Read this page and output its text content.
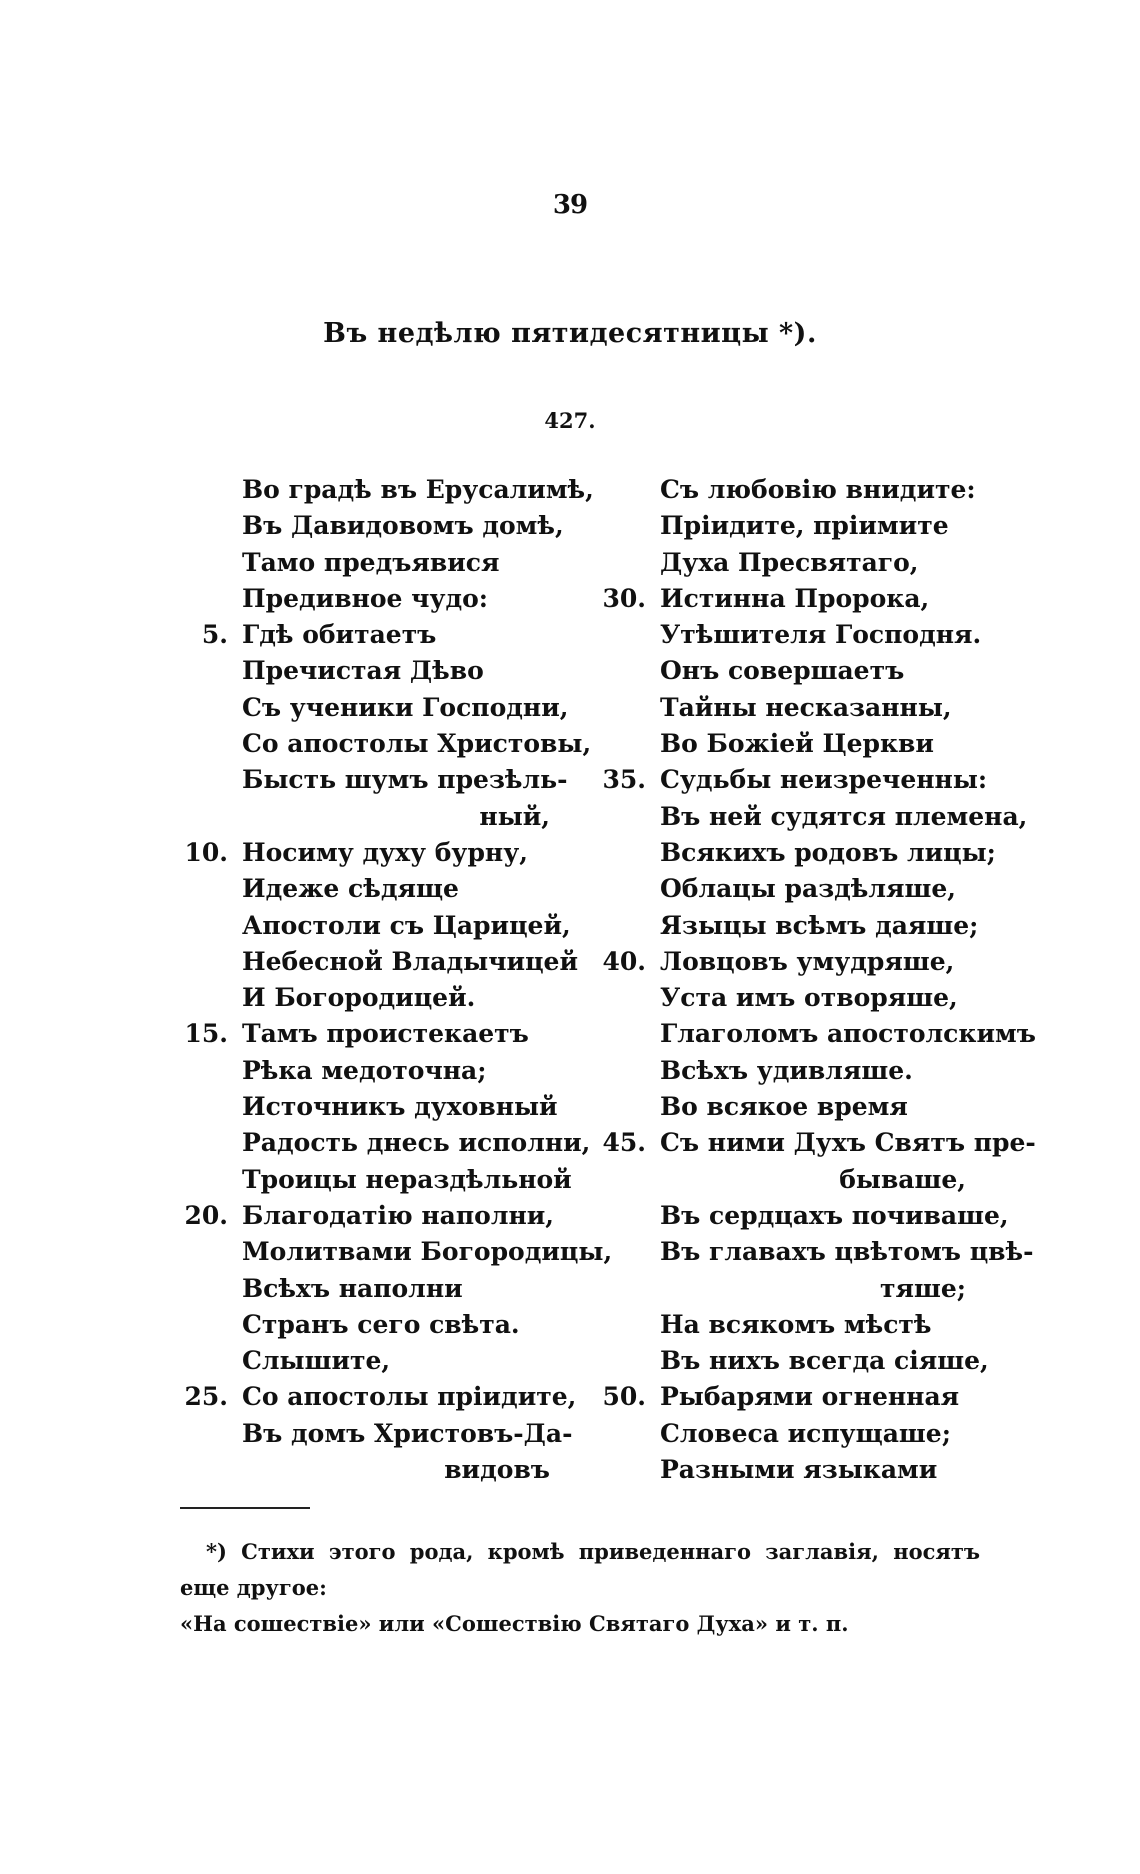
39
Въ недѣлю пятидесятницы *).
427.
Во градѣ въ Ерусалимѣ,
Въ Давидовомъ домѣ,
Тамо предъявися
Предивное чудо:
5. Гдѣ обитаетъ
Пречистая Дѣво
Съ ученики Господни,
Со апостолы Христовы,
Бысть шумъ презѣль-
ный,
10. Носиму духу бурну,
Идеже сѣдяще
Апостоли съ Царицей,
Небесной Владычицей
И Богородицей.
15. Тамъ проистекаетъ
Рѣка медоточна;
Источникъ духовный
Радость днесь исполни,
Троицы нераздѣльной
20. Благодатію наполни,
Молитвами Богородицы,
Всѣхъ наполни
Странъ сего свѣта.
Слышите,
25. Со апостолы пріидите,
Въ домъ Христовъ-Да-
видовъ
Съ любовію внидите:
Пріидите, пріимите
Духа Пресвятаго,
30. Истинна Пророка,
Утѣшителя Господня.
Онъ совершаетъ
Тайны несказанны,
Во Божіей Церкви
35. Судьбы неизреченны:
Въ ней судятся племена,
Всякихъ родовъ лицы;
Облацы раздѣляше,
Языцы всѣмъ даяше;
40. Ловцовъ умудряше,
Уста имъ отворяше,
Глаголомъ апостолскимъ
Всѣхъ удивляше.
Во всякое время
45. Съ ними Духъ Святъ пре-
бываше,
Въ сердцахъ почиваше,
Въ главахъ цвѣтомъ цвѣ-
тяше;
На всякомъ мѣстѣ
Въ нихъ всегда сіяше,
50. Рыбарями огненная
Словеса испущаше;
Разными языками

*) Стихи этого рода, кромѣ приведеннаго заглавія, носятъ еще другое:

«На сошествіе» или «Сошествію Святаго Духа» и т. п.
